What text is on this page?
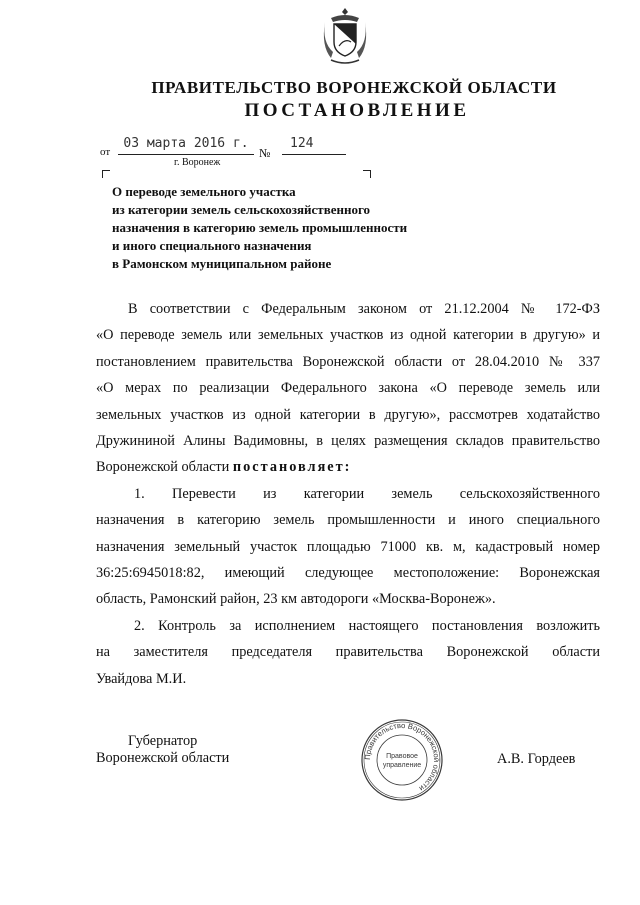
ПРАВИТЕЛЬСТВО ВОРОНЕЖСКОЙ ОБЛАСТИ
ПОСТАНОВЛЕНИЕ
от
03 марта 2016 г.
№
124
г. Воронеж
О переводе земельного участка
из категории земель сельскохозяйственного
назначения в категорию земель промышленности
и иного специального назначения
в Рамонском муниципальном районе
В соответствии с Федеральным законом от 21.12.2004 № 172-ФЗ
«О переводе земель или земельных участков из одной категории в другую» и
постановлением правительства Воронежской области от 28.04.2010 № 337
«О мерах по реализации Федерального закона «О переводе земель или
земельных участков из одной категории в другую», рассмотрев ходатайство
Дружининой Алины Вадимовны, в целях размещения складов правительство
Воронежской области постановляет:
1. Перевести из категории земель сельскохозяйственного
назначения в категорию земель промышленности и иного специального
назначения земельный участок площадью 71000 кв. м, кадастровый номер
36:25:6945018:82, имеющий следующее местоположение: Воронежская
область, Рамонский район, 23 км автодороги «Москва-Воронеж».
2. Контроль за исполнением настоящего постановления возложить
на заместителя председателя правительства Воронежской области
Увайдова М.И.
Губернатор
Воронежской области	Правительство Воронежской области
Правовое
управление	А.В. Гордеев
